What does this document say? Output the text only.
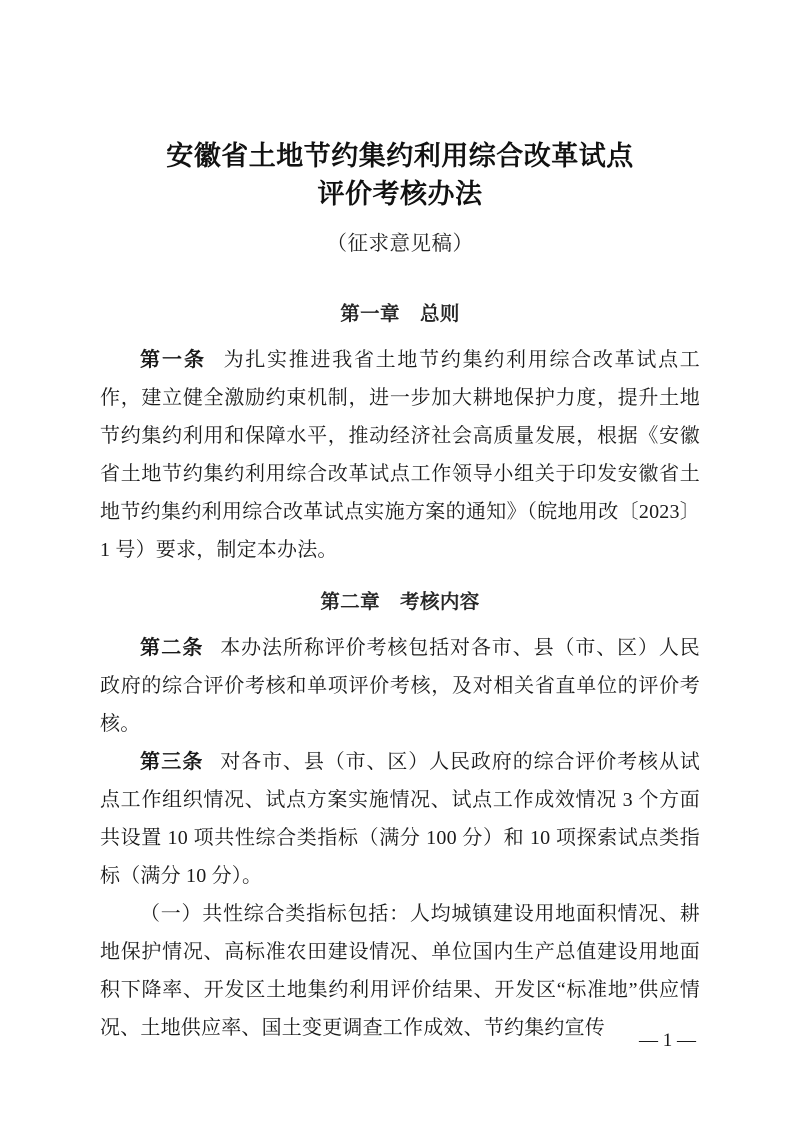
安徽省土地节约集约利用综合改革试点
评价考核办法
（征求意见稿）
第一章 总则

第一条 为扎实推进我省土地节约集约利用综合改革试点工作，建立健全激励约束机制，进一步加大耕地保护力度，提升土地节约集约利用和保障水平，推动经济社会高质量发展，根据《安徽省土地节约集约利用综合改革试点工作领导小组关于印发安徽省土地节约集约利用综合改革试点实施方案的通知》（皖地用改〔2023〕1 号）要求，制定本办法。

第二章 考核内容

第二条 本办法所称评价考核包括对各市、县（市、区）人民政府的综合评价考核和单项评价考核，及对相关省直单位的评价考核。

第三条 对各市、县（市、区）人民政府的综合评价考核从试点工作组织情况、试点方案实施情况、试点工作成效情况 3 个方面共设置 10 项共性综合类指标（满分 100 分）和 10 项探索试点类指标（满分 10 分）。

（一）共性综合类指标包括：人均城镇建设用地面积情况、耕地保护情况、高标准农田建设情况、单位国内生产总值建设用地面积下降率、开发区土地集约利用评价结果、开发区“标准地”供应情况、土地供应率、国土变更调查工作成效、节约集约宣传

— 1 —
